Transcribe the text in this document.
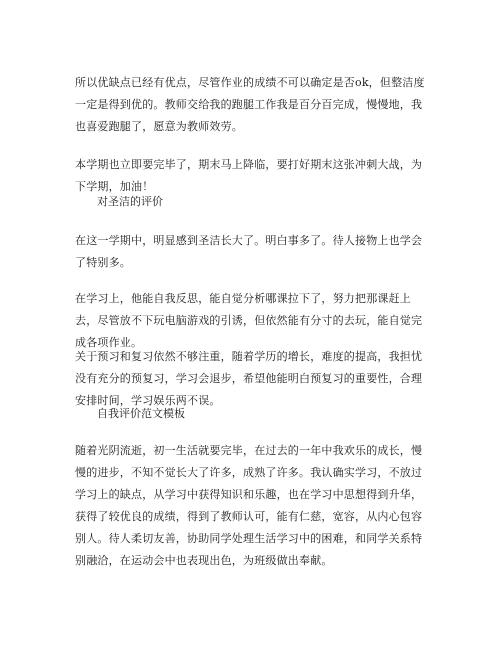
所以优缺点已经有优点，尽管作业的成绩不可以确定是否ok，但整洁度一定是得到优的。教师交给我的跑腿工作我是百分百完成，慢慢地，我也喜爱跑腿了，愿意为教师效劳。

本学期也立即要完毕了，期末马上降临，要打好期末这张冲刺大战，为下学期，加油！

对圣洁的评价

在这一学期中，明显感到圣洁长大了。明白事多了。待人接物上也学会了特别多。

在学习上，他能自我反思，能自觉分析哪课拉下了，努力把那课赶上去，尽管放不下玩电脑游戏的引诱，但依然能有分寸的去玩，能自觉完成各项作业。

关于预习和复习依然不够注重，随着学历的增长，难度的提高，我担忧没有充分的预复习，学习会退步，希望他能明白预复习的重要性，合理安排时间，学习娱乐两不误。

自我评价范文模板

随着光阴流逝，初一生活就要完毕，在过去的一年中我欢乐的成长，慢慢的进步，不知不觉长大了许多，成熟了许多。我认确实学习，不放过学习上的缺点，从学习中获得知识和乐趣，也在学习中思想得到升华，获得了较优良的成绩，得到了教师认可，能有仁慈，宽容，从内心包容别人。待人柔切友善，协助同学处理生活学习中的困难，和同学关系特别融洽，在运动会中也表现出色，为班级做出奉献。
